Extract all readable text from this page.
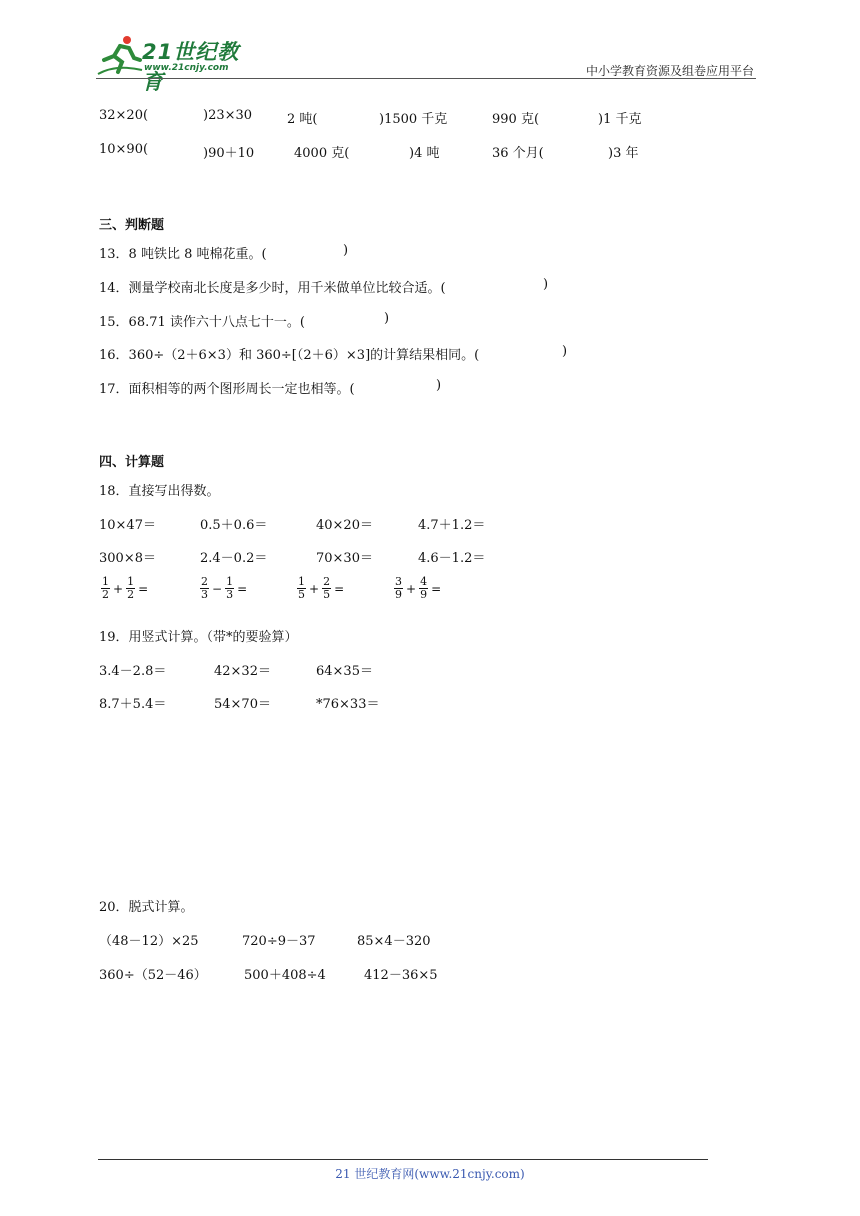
21世纪教育
www.21cnjy.com	中小学教育资源及组卷应用平台
32×20(	)23×30	2 吨(	)1500 千克	990 克(	)1 千克
10×90(	)90＋10	4000 克(	)4 吨	36 个月(	)3 年
三、判断题
13．8 吨铁比 8 吨棉花重。(	)
14．测量学校南北长度是多少时，用千米做单位比较合适。(	)
15．68.71 读作六十八点七十一。(	)
16．360÷（2＋6×3）和 360÷[（2＋6）×3]的计算结果相同。(	)
17．面积相等的两个图形周长一定也相等。(	)
四、计算题
18．直接写出得数。
10×47＝	0.5＋0.6＝	40×20＝	4.7＋1.2＝
300×8＝	2.4－0.2＝	70×30＝	4.6－1.2＝
$\frac{1}{2} + \frac{1}{2}$ =	$\frac{2}{3} - \frac{1}{3}$ =	$\frac{1}{5} + \frac{2}{5}$ =	$\frac{3}{9} + \frac{4}{9}$ =
19．用竖式计算。（带*的要验算）
3.4－2.8＝	42×32＝	64×35＝
8.7＋5.4＝	54×70＝	*76×33＝
20．脱式计算。
（48－12）×25	720÷9－37	85×4－320
360÷（52－46）	500＋408÷4	412－36×5
21 世纪教育网(www.21cnjy.com)
